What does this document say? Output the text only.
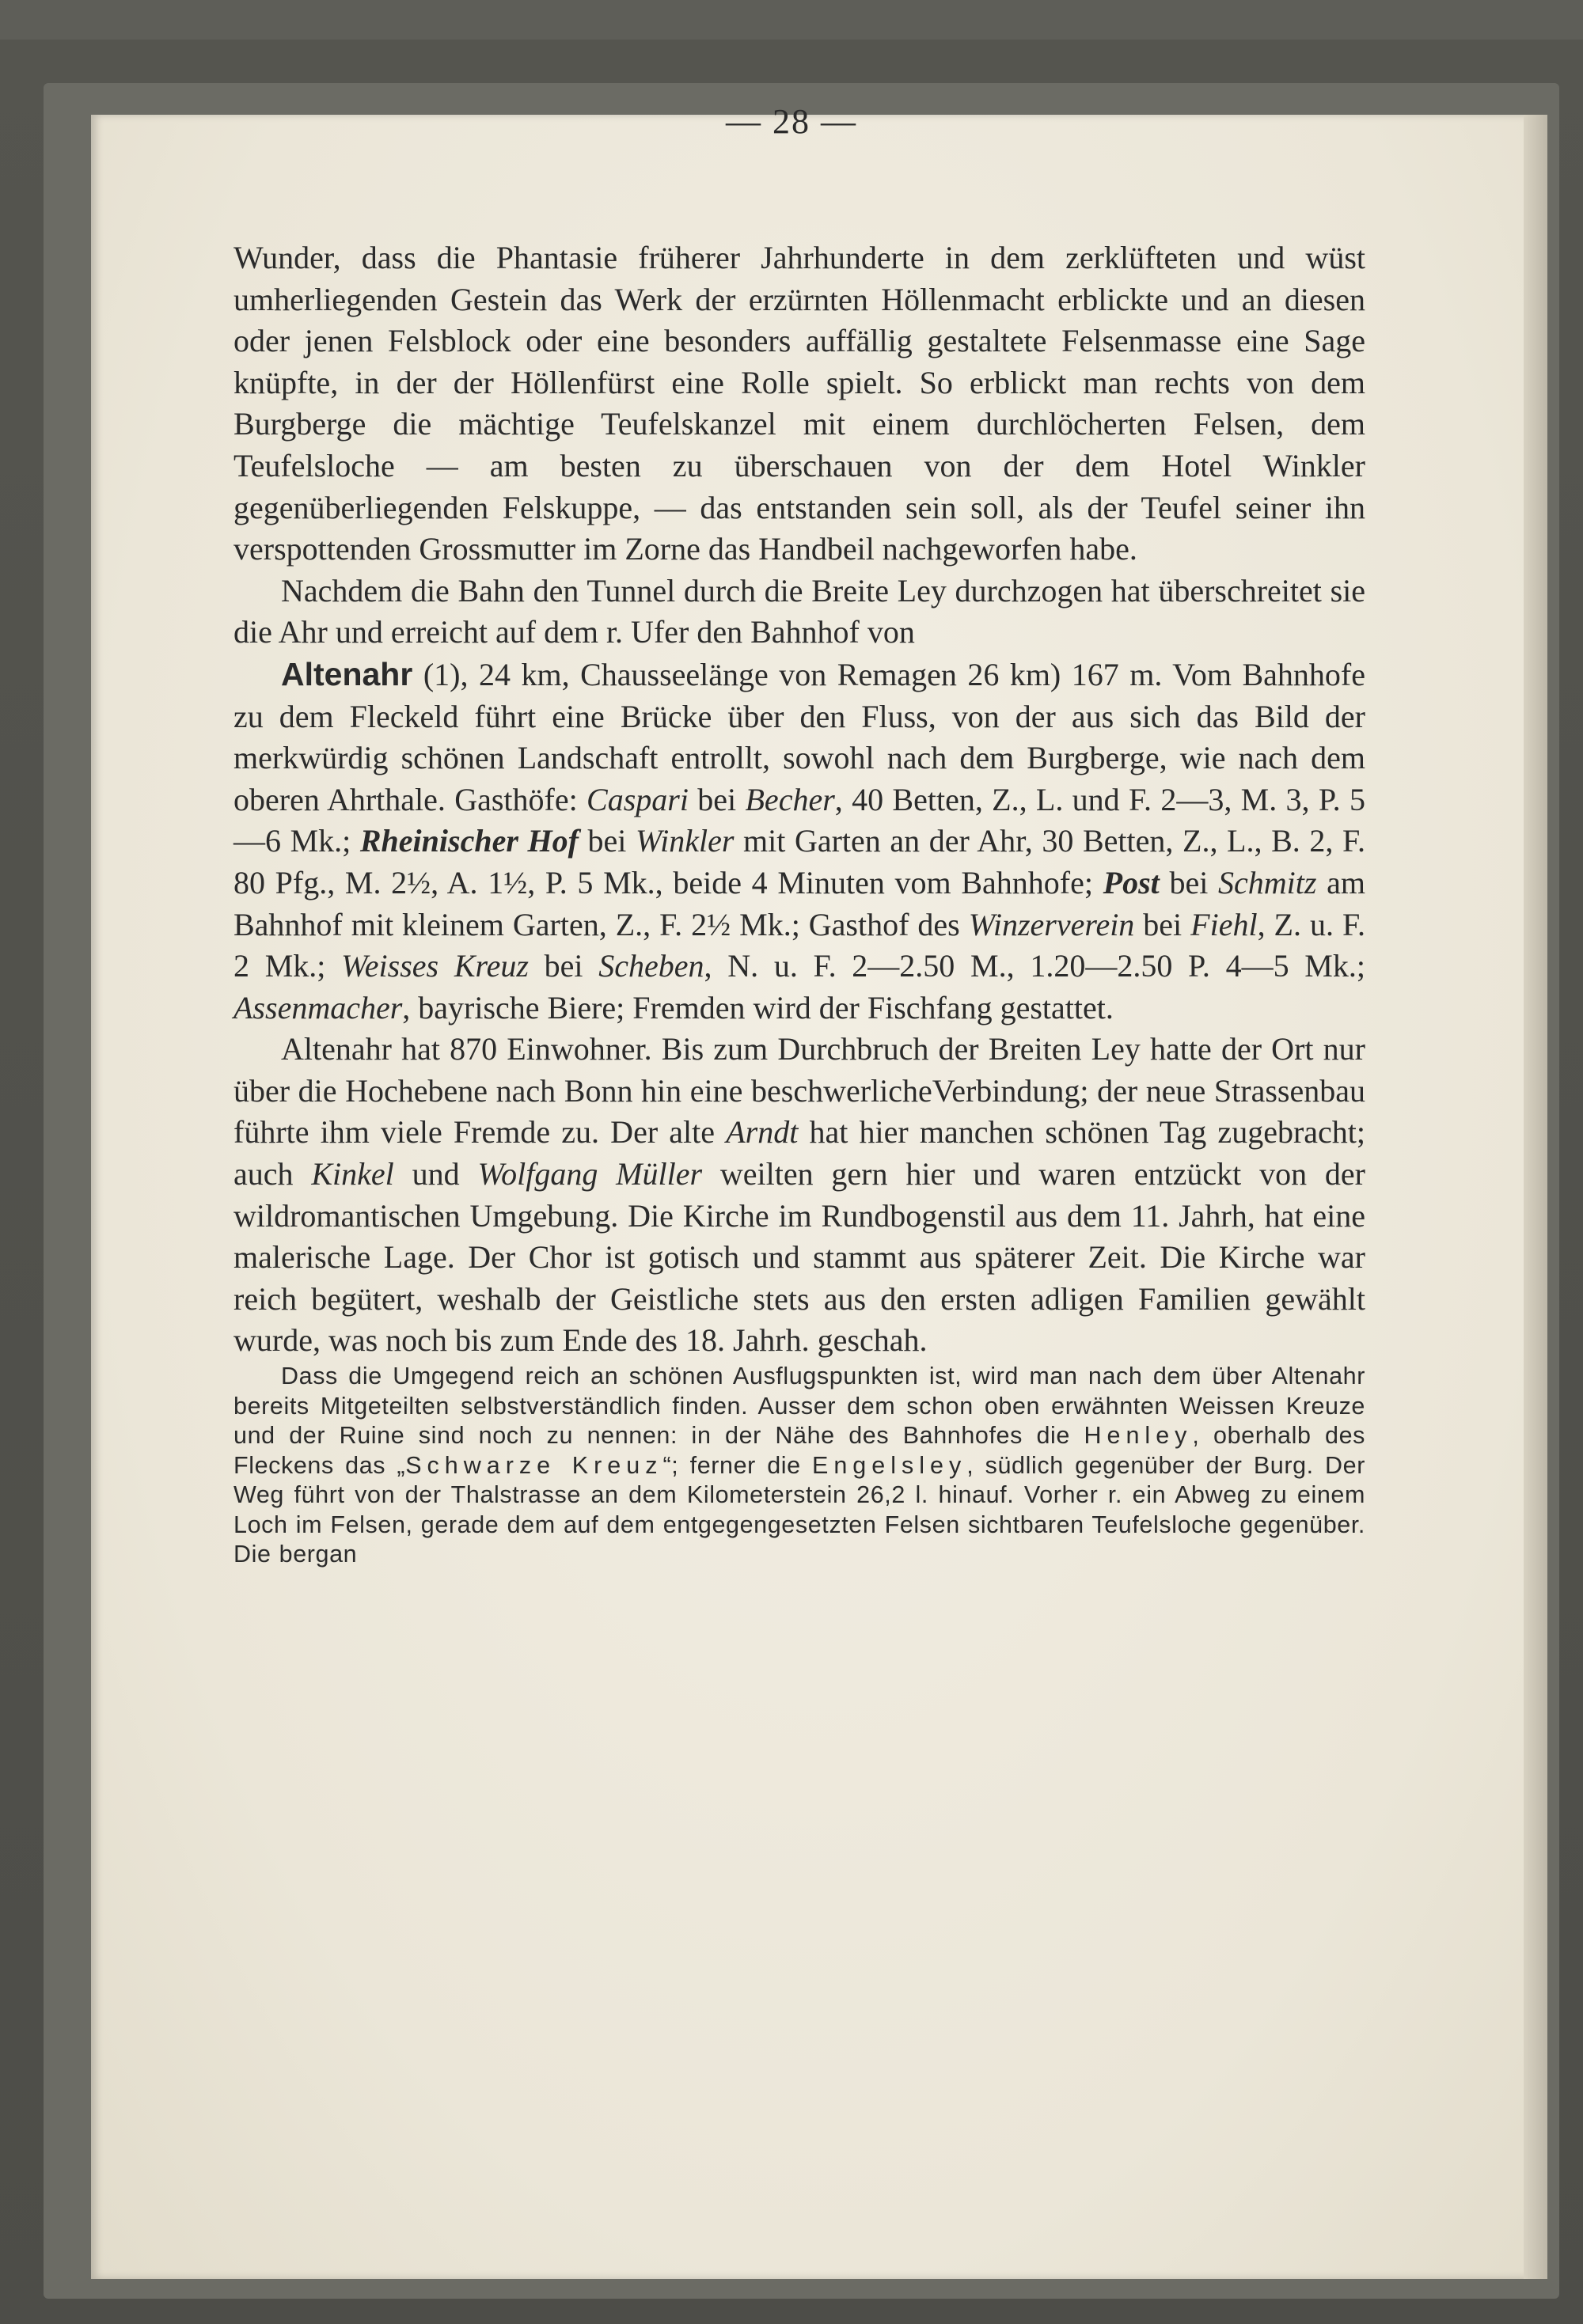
— 28 —

Wunder, dass die Phantasie früherer Jahrhunderte in dem zerklüfteten und wüst umherliegenden Gestein das Werk der erzürnten Höllenmacht erblickte und an diesen oder jenen Felsblock oder eine besonders auffällig gestaltete Felsenmasse eine Sage knüpfte, in der der Höllenfürst eine Rolle spielt. So erblickt man rechts von dem Burgberge die mächtige Teufelskanzel mit einem durchlöcherten Felsen, dem Teufelsloche — am besten zu überschauen von der dem Hotel Winkler gegenüberliegenden Felskuppe, — das entstanden sein soll, als der Teufel seiner ihn verspottenden Grossmutter im Zorne das Handbeil nachgeworfen habe.

Nachdem die Bahn den Tunnel durch die Breite Ley durchzogen hat überschreitet sie die Ahr und erreicht auf dem r. Ufer den Bahnhof von

Altenahr (1), 24 km, Chausseelänge von Remagen 26 km) 167 m. Vom Bahnhofe zu dem Fleckeld führt eine Brücke über den Fluss, von der aus sich das Bild der merkwürdig schönen Landschaft entrollt, sowohl nach dem Burgberge, wie nach dem oberen Ahrthale. Gasthöfe: Caspari bei Becher, 40 Betten, Z., L. und F. 2—3, M. 3, P. 5—6 Mk.; Rheinischer Hof bei Winkler mit Garten an der Ahr, 30 Betten, Z., L., B. 2, F. 80 Pfg., M. 2½, A. 1½, P. 5 Mk., beide 4 Minuten vom Bahnhofe; Post bei Schmitz am Bahnhof mit kleinem Garten, Z., F. 2½ Mk.; Gasthof des Winzerverein bei Fiehl, Z. u. F. 2 Mk.; Weisses Kreuz bei Scheben, N. u. F. 2—2.50 M., 1.20—2.50 P. 4—5 Mk.; Assenmacher, bayrische Biere; Fremden wird der Fischfang gestattet.

Altenahr hat 870 Einwohner. Bis zum Durchbruch der Breiten Ley hatte der Ort nur über die Hochebene nach Bonn hin eine beschwerlicheVerbindung; der neue Strassenbau führte ihm viele Fremde zu. Der alte Arndt hat hier manchen schönen Tag zugebracht; auch Kinkel und Wolfgang Müller weilten gern hier und waren entzückt von der wildromantischen Umgebung. Die Kirche im Rundbogenstil aus dem 11. Jahrh, hat eine malerische Lage. Der Chor ist gotisch und stammt aus späterer Zeit. Die Kirche war reich begütert, weshalb der Geistliche stets aus den ersten adligen Familien gewählt wurde, was noch bis zum Ende des 18. Jahrh. geschah.

Dass die Umgegend reich an schönen Ausflugspunkten ist, wird man nach dem über Altenahr bereits Mitgeteilten selbstverständlich finden. Ausser dem schon oben erwähnten Weissen Kreuze und der Ruine sind noch zu nennen: in der Nähe des Bahnhofes die Henley, oberhalb des Fleckens das „Schwarze Kreuz“; ferner die Engelsley, südlich gegenüber der Burg. Der Weg führt von der Thalstrasse an dem Kilometerstein 26,2 l. hinauf. Vorher r. ein Abweg zu einem Loch im Felsen, gerade dem auf dem entgegengesetzten Felsen sichtbaren Teufelsloche gegenüber. Die bergan
